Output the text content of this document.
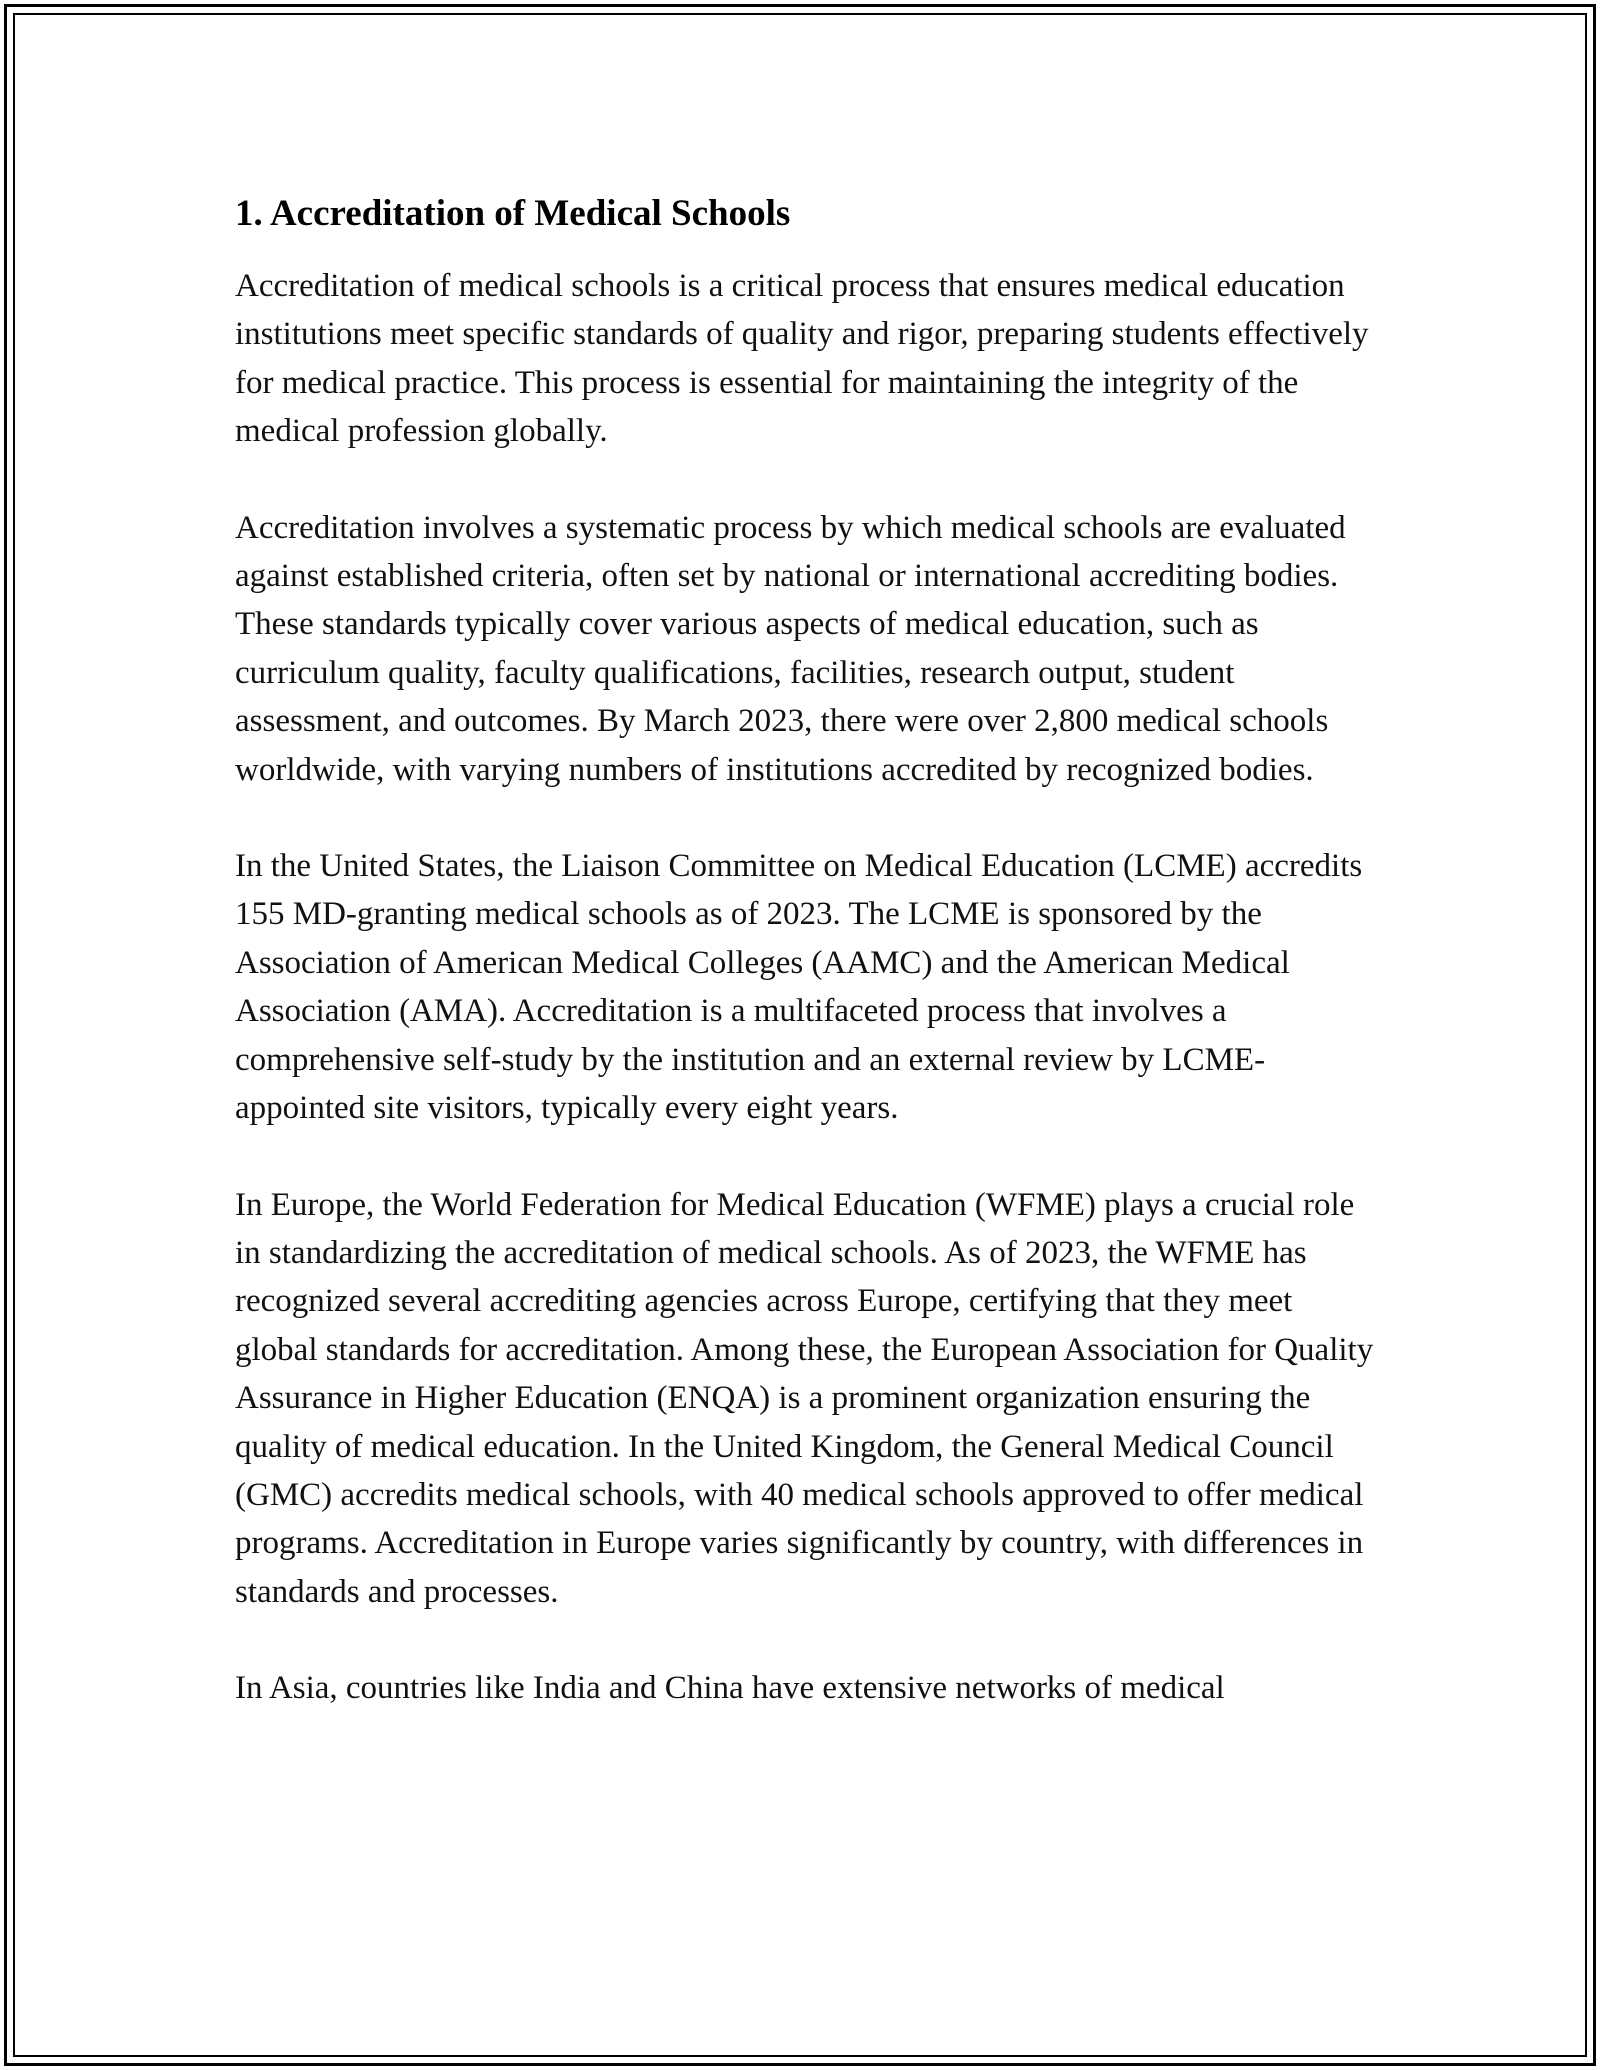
1. Accreditation of Medical Schools

Accreditation of medical schools is a critical process that ensures medical education institutions meet specific standards of quality and rigor, preparing students effectively for medical practice. This process is essential for maintaining the integrity of the medical profession globally.

Accreditation involves a systematic process by which medical schools are evaluated against established criteria, often set by national or international accrediting bodies. These standards typically cover various aspects of medical education, such as curriculum quality, faculty qualifications, facilities, research output, student assessment, and outcomes. By March 2023, there were over 2,800 medical schools worldwide, with varying numbers of institutions accredited by recognized bodies.

In the United States, the Liaison Committee on Medical Education (LCME) accredits 155 MD-granting medical schools as of 2023. The LCME is sponsored by the Association of American Medical Colleges (AAMC) and the American Medical Association (AMA). Accreditation is a multifaceted process that involves a comprehensive self-study by the institution and an external review by LCME-appointed site visitors, typically every eight years.

In Europe, the World Federation for Medical Education (WFME) plays a crucial role in standardizing the accreditation of medical schools. As of 2023, the WFME has recognized several accrediting agencies across Europe, certifying that they meet global standards for accreditation. Among these, the European Association for Quality Assurance in Higher Education (ENQA) is a prominent organization ensuring the quality of medical education. In the United Kingdom, the General Medical Council (GMC) accredits medical schools, with 40 medical schools approved to offer medical programs. Accreditation in Europe varies significantly by country, with differences in standards and processes.

In Asia, countries like India and China have extensive networks of medical
